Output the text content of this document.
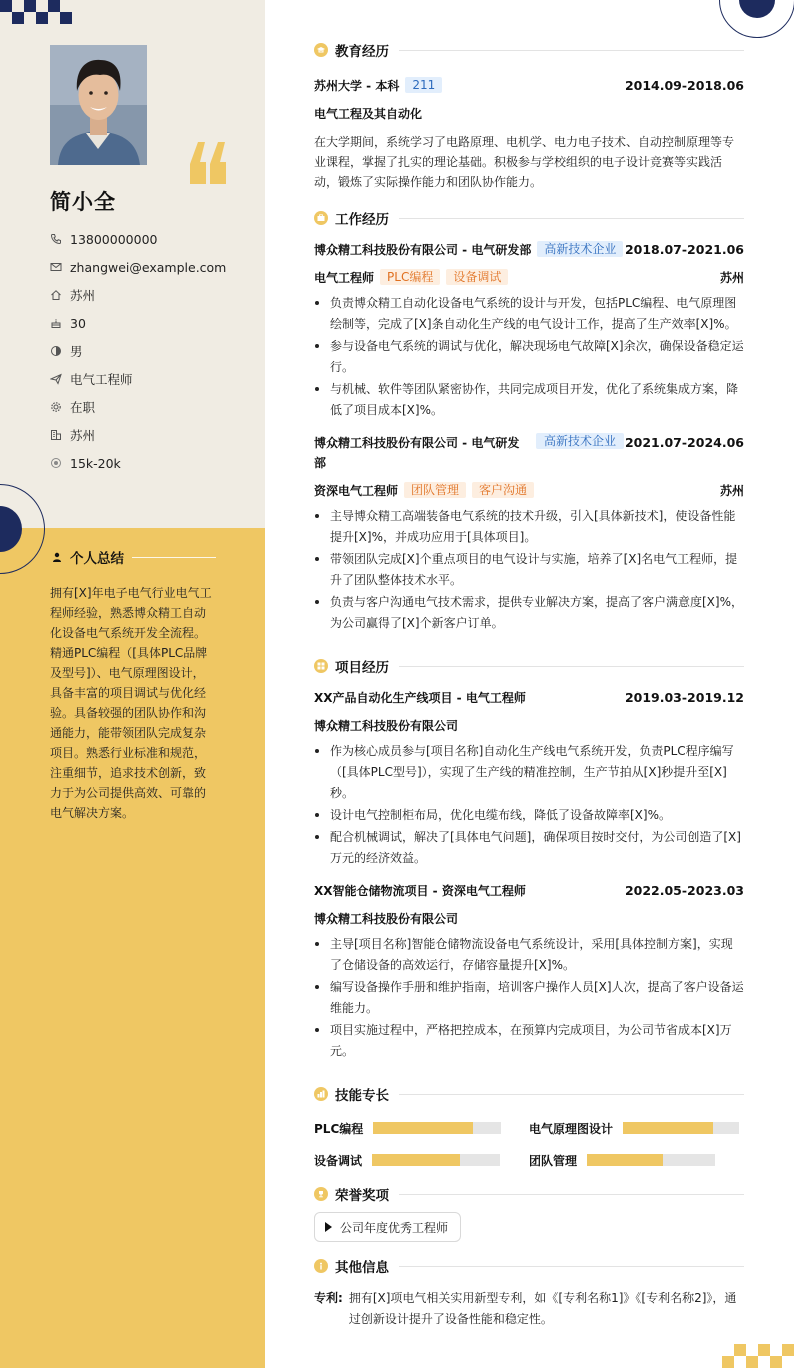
简小全
13800000000
zhangwei@example.com
苏州
30
男
电气工程师
在职
苏州
15k-20k
个人总结
拥有[X]年电子电气行业电气工程师经验，熟悉博众精工自动化设备电气系统开发全流程。精通PLC编程（[具体PLC品牌及型号]）、电气原理图设计，具备丰富的项目调试与优化经验。具备较强的团队协作和沟通能力，能带领团队完成复杂项目。熟悉行业标准和规范，注重细节，追求技术创新，致力于为公司提供高效、可靠的电气解决方案。
教育经历
苏州大学 - 本科 211	2014.09-2018.06
电气工程及其自动化
在大学期间，系统学习了电路原理、电机学、电力电子技术、自动控制原理等专业课程，掌握了扎实的理论基础。积极参与学校组织的电子设计竞赛等实践活动，锻炼了实际操作能力和团队协作能力。
工作经历
博众精工科技股份有限公司 - 电气研发部 高新技术企业 2018.07-2021.06
电气工程师 PLC编程 设备调试	苏州
负责博众精工自动化设备电气系统的设计与开发，包括PLC编程、电气原理图绘制等，完成了[X]条自动化生产线的电气设计工作，提高了生产效率[X]%。
参与设备电气系统的调试与优化，解决现场电气故障[X]余次，确保设备稳定运行。
与机械、软件等团队紧密协作，共同完成项目开发，优化了系统集成方案，降低了项目成本[X]%。
博众精工科技股份有限公司 - 电气研发部
高新技术企业 2021.07-2024.06
资深电气工程师 团队管理 客户沟通	苏州
主导博众精工高端装备电气系统的技术升级，引入[具体新技术]，使设备性能提升[X]%，并成功应用于[具体项目]。
带领团队完成[X]个重点项目的电气设计与实施，培养了[X]名电气工程师，提升了团队整体技术水平。
负责与客户沟通电气技术需求，提供专业解决方案，提高了客户满意度[X]%，为公司赢得了[X]个新客户订单。
项目经历
XX产品自动化生产线项目 - 电气工程师	2019.03-2019.12
博众精工科技股份有限公司
作为核心成员参与[项目名称]自动化生产线电气系统开发，负责PLC程序编写（[具体PLC型号]），实现了生产线的精准控制，生产节拍从[X]秒提升至[X]秒。
设计电气控制柜布局，优化电缆布线，降低了设备故障率[X]%。
配合机械调试，解决了[具体电气问题]，确保项目按时交付，为公司创造了[X]万元的经济效益。
XX智能仓储物流项目 - 资深电气工程师	2022.05-2023.03
博众精工科技股份有限公司
主导[项目名称]智能仓储物流设备电气系统设计，采用[具体控制方案]，实现了仓储设备的高效运行，存储容量提升[X]%。
编写设备操作手册和维护指南，培训客户操作人员[X]人次，提高了客户设备运维能力。
项目实施过程中，严格把控成本，在预算内完成项目，为公司节省成本[X]万元。
技能专长
PLC编程	电气原理图设计
设备调试	团队管理
荣誉奖项
公司年度优秀工程师
其他信息
专利: 拥有[X]项电气相关实用新型专利，如《[专利名称1]》《[专利名称2]》，通过创新设计提升了设备性能和稳定性。
